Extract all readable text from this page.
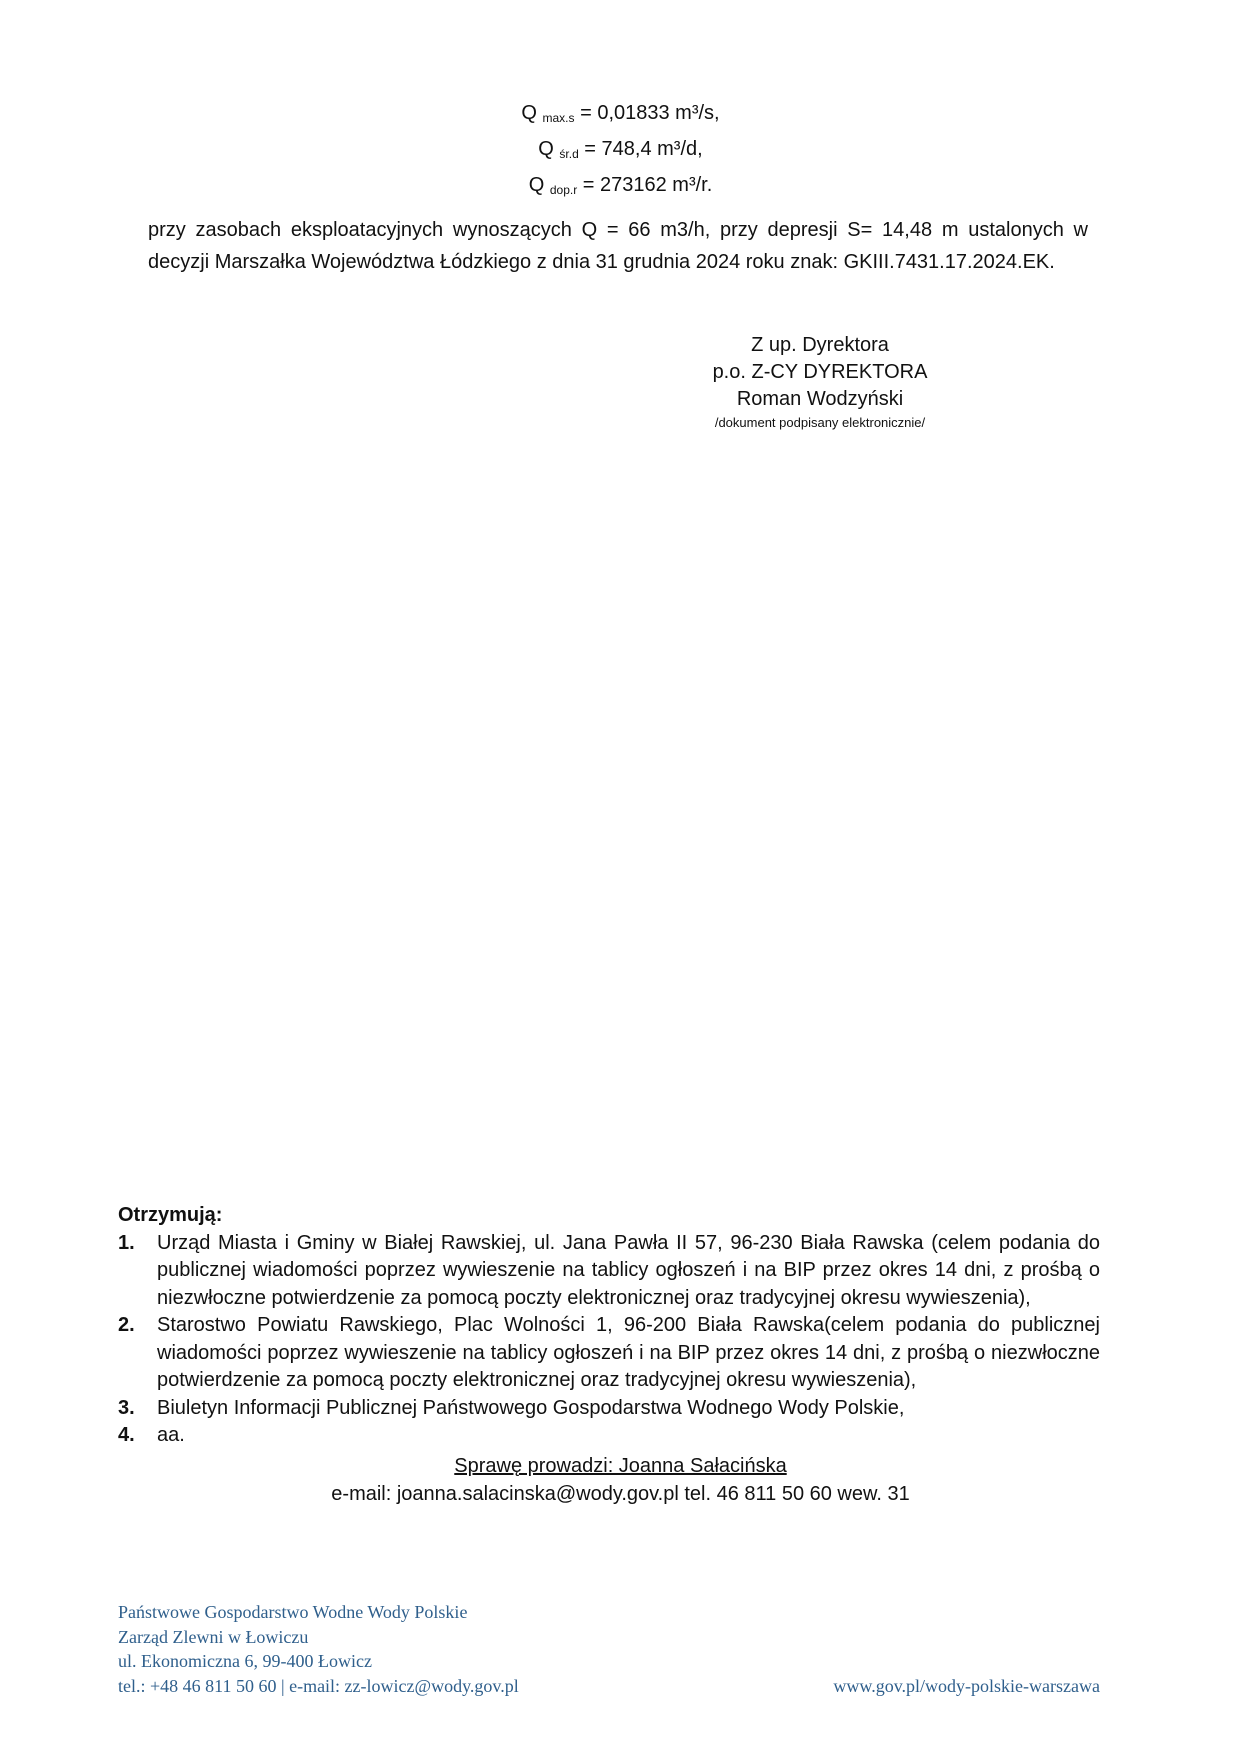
Q $_{max.s}$ = 0,01833 m³/s,
Q $_{śr.d}$ = 748,4 m³/d,
Q $_{dop.r}$ = 273162 m³/r.
przy zasobach eksploatacyjnych wynoszących Q = 66 m3/h, przy depresji S= 14,48 m ustalonych w decyzji Marszałka Województwa Łódzkiego z dnia 31 grudnia 2024 roku znak: GKIII.7431.17.2024.EK.
Z up. Dyrektora
p.o. Z-CY DYREKTORA
Roman Wodzyński
/dokument podpisany elektronicznie/
Otrzymują:
1. Urząd Miasta i Gminy w Białej Rawskiej, ul. Jana Pawła II 57, 96-230 Biała Rawska (celem podania do publicznej wiadomości poprzez wywieszenie na tablicy ogłoszeń i na BIP przez okres 14 dni, z prośbą o niezwłoczne potwierdzenie za pomocą poczty elektronicznej oraz tradycyjnej okresu wywieszenia),
2. Starostwo Powiatu Rawskiego, Plac Wolności 1, 96-200 Biała Rawska(celem podania do publicznej wiadomości poprzez wywieszenie na tablicy ogłoszeń i na BIP przez okres 14 dni, z prośbą o niezwłoczne potwierdzenie za pomocą poczty elektronicznej oraz tradycyjnej okresu wywieszenia),
3. Biuletyn Informacji Publicznej Państwowego Gospodarstwa Wodnego Wody Polskie,
4. aa.
Sprawę prowadzi: Joanna Sałacińska
e-mail: joanna.salacinska@wody.gov.pl tel. 46 811 50 60 wew. 31
Państwowe Gospodarstwo Wodne Wody Polskie
Zarząd Zlewni w Łowiczu
ul. Ekonomiczna 6, 99-400 Łowicz
tel.: +48 46 811 50 60 | e-mail: zz-lowicz@wody.gov.pl	www.gov.pl/wody-polskie-warszawa
